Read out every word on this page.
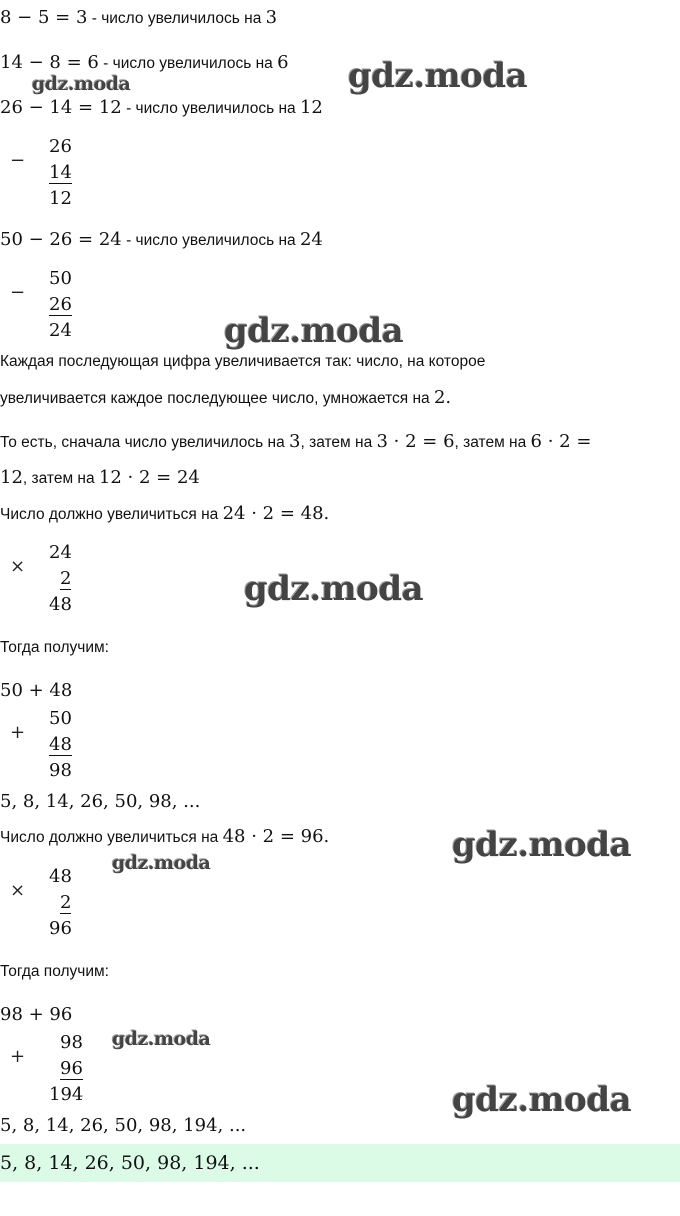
8 − 5 = 3 - число увеличилось на 3
14 − 8 = 6 - число увеличилось на 6
26 − 14 = 12 - число увеличилось на 12
−
26
14
12
50 − 26 = 24 - число увеличилось на 24
−
50
26
24
Каждая последующая цифра увеличивается так: число, на которое
увеличивается каждое последующее число, умножается на 2.
То есть, сначала число увеличилось на 3, затем на 3 · 2 = 6, затем на 6 · 2 =
12, затем на 12 · 2 = 24
Число должно увеличиться на 24 · 2 = 48.
×
24
2
48
Тогда получим:
50 + 48
+
50
48
98
5, 8, 14, 26, 50, 98, ...
Число должно увеличиться на 48 · 2 = 96.
×
48
2
96
Тогда получим:
98 + 96
+
98
96
194
5, 8, 14, 26, 50, 98, 194, ...
5, 8, 14, 26, 50, 98, 194, ...
gdz.moda	gdz.moda
gdz.moda
gdz.moda
gdz.moda
gdz.moda
gdz.moda
gdz.moda
